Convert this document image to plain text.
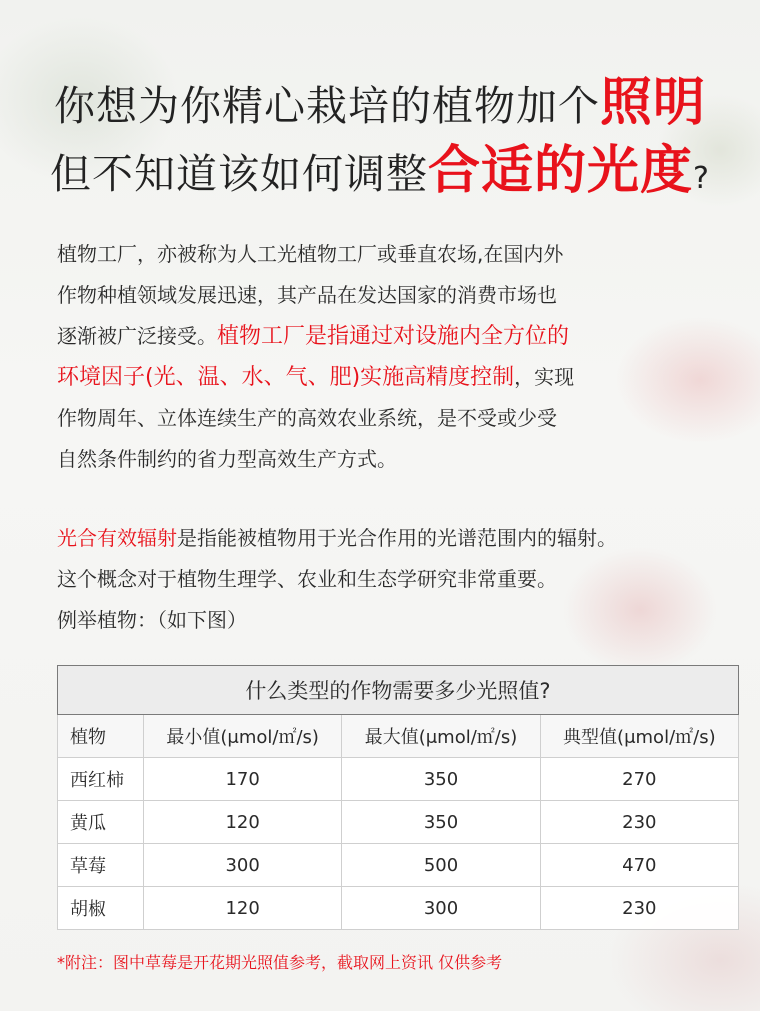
你想为你精心栽培的植物加个照明
但不知道该如何调整合适的光度?
植物工厂，亦被称为人工光植物工厂或垂直农场,在国内外
作物种植领域发展迅速，其产品在发达国家的消费市场也
逐渐被广泛接受。植物工厂是指通过对设施内全方位的
环境因子(光、温、水、气、肥)实施高精度控制，实现
作物周年、立体连续生产的高效农业系统，是不受或少受
自然条件制约的省力型高效生产方式。
光合有效辐射是指能被植物用于光合作用的光谱范围内的辐射。
这个概念对于植物生理学、农业和生态学研究非常重要。
例举植物：（如下图）
什么类型的作物需要多少光照值?			
植物	最小值(μmol/㎡/s)	最大值(μmol/㎡/s)	典型值(μmol/㎡/s)
西红柿	170	350	270
黄瓜	120	350	230
草莓	300	500	470
胡椒	120	300	230
*附注：图中草莓是开花期光照值参考，截取网上资讯 仅供参考
